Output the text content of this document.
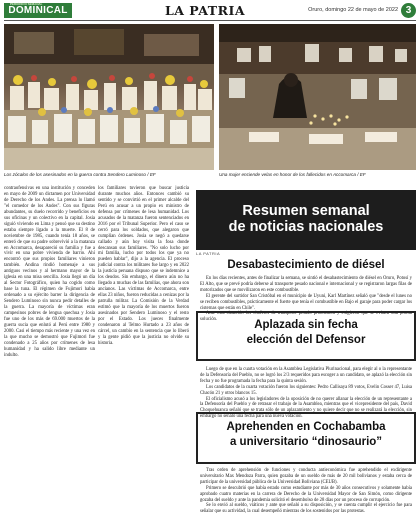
PERIÓDICO SEMANAL
DOMINICAL	LA PATRIA	Oruro, domingo 22 de mayo de 2022 3
Los zócalos de los asesinados en la guerra contra Sendero Luminoso / EF	Una mujer enciende velas en honor de los fallecidos en Accomarca / EF
contraofensivas en una institución y conceden en mayo de 2009 un dictamen por Universidad de Derecho de los Andes. La prensa lo llamó "el comedor de los Andes". Con sus figuras abundantes, su duelo recorrido y beneficios en sus oficinas y un colectivo en la capital. Josia siguió viviendo en Lima y pensó que su destino estaba siempre ligado a la muerte. El 8 de noviembre de 1985, cuando tenía 18 años, se enteró de que su padre sobrevivió a la matanza en Accomarca, desapareció su familia y fue a vivir en una pobre vivienda de barrio. Ahí encontró que sus propios familiares vinieron también. Andina rindió homenaje a sus antiguos vecinos y al hermano mayor de la iglesia en una misa sencilla. Josia llegó un día al Sector Fotográfico, quien ha cogido como base la tuna. El régimen de Fujimori había ordenado a su ejército barrer la dirigencia de Sendero Luminoso sin nunca pedir detalles de la guerra. La mayoría de víctimas eran campesinos pobres de lengua quechua y Josia fue uno de los más de 69.000 muertos de la guerra sucia que enlutó al Perú entre 1980 y 2000. Casi el tiempo más reciente y una vez en la que mucho se demostró que Fujimori fue condenado a 25 años por crímenes de lesa humanidad y ha salido libre mediante un indulto.
los familiares tuvieron que buscar justicia durante muchos años. Entonces cambió su sentido y se convirtió en el primer alcalde del Perú en acusar a un propio ex ministro de defensa por crímenes de lesa humanidad. Los acusados de la matanza fueron sentenciados en 2016 por el Tribunal Superior. Pero el caso se cerró para los soldados, que alegaron que cumplían órdenes. Josia se negó a quedarse callado y aún hoy visita la fosa donde descansan sus familiares. "No solo lucho por mi familia, lucho por todos los que ya no pueden hablar", dijo a la agencia. El proceso judicial contra los militares fue largo y en 2022 la justicia peruana dispuso que se indemnice a los deudos. Sin embargo, el dinero aún no ha llegado a muchas de las familias, que ahora son ancianos. Las víctimas de Accomarca, entre ellas 23 niños, fueron reducidas a cenizas por la patrulla militar. La Comisión de la Verdad estimó que la mayoría de los muertos fueron asesinados por Sendero Luminoso y el resto por el Estado. Los jueces finalmente condenaron al Telmo Hurtado a 23 años de cárcel, un cambio en la sentencia que lo liberó y la gente pidió que la justicia no olvide su historia.
Resumen semanal
de noticias nacionales
LA PATRIA
Desabastecimiento de diésel

En los días recientes, antes de finalizar la semana, se sintió el desabastecimiento de diésel en Oruro, Potosí y El Alto, que se prevé podría deberse al transporte pesado nacional e internacional y se registraron largas filas de motorizados que se movilizaron en este combustible.

El gerente del surtidor San Cristóbal en el municipio de Uyuni, Karl Martínez señaló que "desde el lunes no se reciben combustibles, prácticamente el fuerte que tenía el combustible en Bajo el garaje para poder cargar los cisternas que están en Chile".

Ante esta situación los choferes de transporte pesado protestaron y exigieron que se evitara una pronta solución.	Aplazada sin fecha
elección del Defensor

Luego de que en la cuarta votación en la Asamblea Legislativa Plurinacional, para elegir al o la representante de la Defensoría del Pueblo, no se logró los 2/3 requeridos para escoger a un candidato, se aplazó la elección sin fecha y no fue programada la fecha para la quinta sesión.

Los candidatos de la cuarta votación fueron los siguientes: Pedro Callisaya 89 votos, Evelin Cosser 47, Luisa Chacón 21 y otros blancos 15.

El oficialismo acusó a los legisladores de la oposición de no querer allanar la elección de un representante a la Defensoría del Pueblo y de retrasar el trabajo de la Asamblea, mientras que el vicepresidente del país, David Choquehuanca señaló que se trata sólo de un aplazamiento y no quiere decir que no se realizará la elección, sin embargo no señaló una fecha para una nueva votación.

Aprehenden en Cochabamba
a universitario “dinosaurio”

Tras orden de aprehensión de funciones y conducta antieconómica fue aprehendido el exdirigente universitario Max Mendoza Parra, quien gozaba de un sueldo de más de 20 mil bolivianos y estaba cerca de participar de la universidad pública de la Universidad Boliviana (CEUB).

Primero se descubrió que había estado como estudiante por más de 30 años consecutivos y solamente había aprobado cuatro materias en la carrera de Derecho de la Universidad Mayor de San Simón, como dirigente gozaba del sueldo y ante la pandemia solicitó el desembolso de 28 días por un proceso de corrupción.

Se lo envió al sueldo, viáticos y ante que señaló a su disposición, y se cuenta cumplir el ejercicio fue para señalar que su actividad, la cual desempeñó mientras de los sostenidos por las protestas.
